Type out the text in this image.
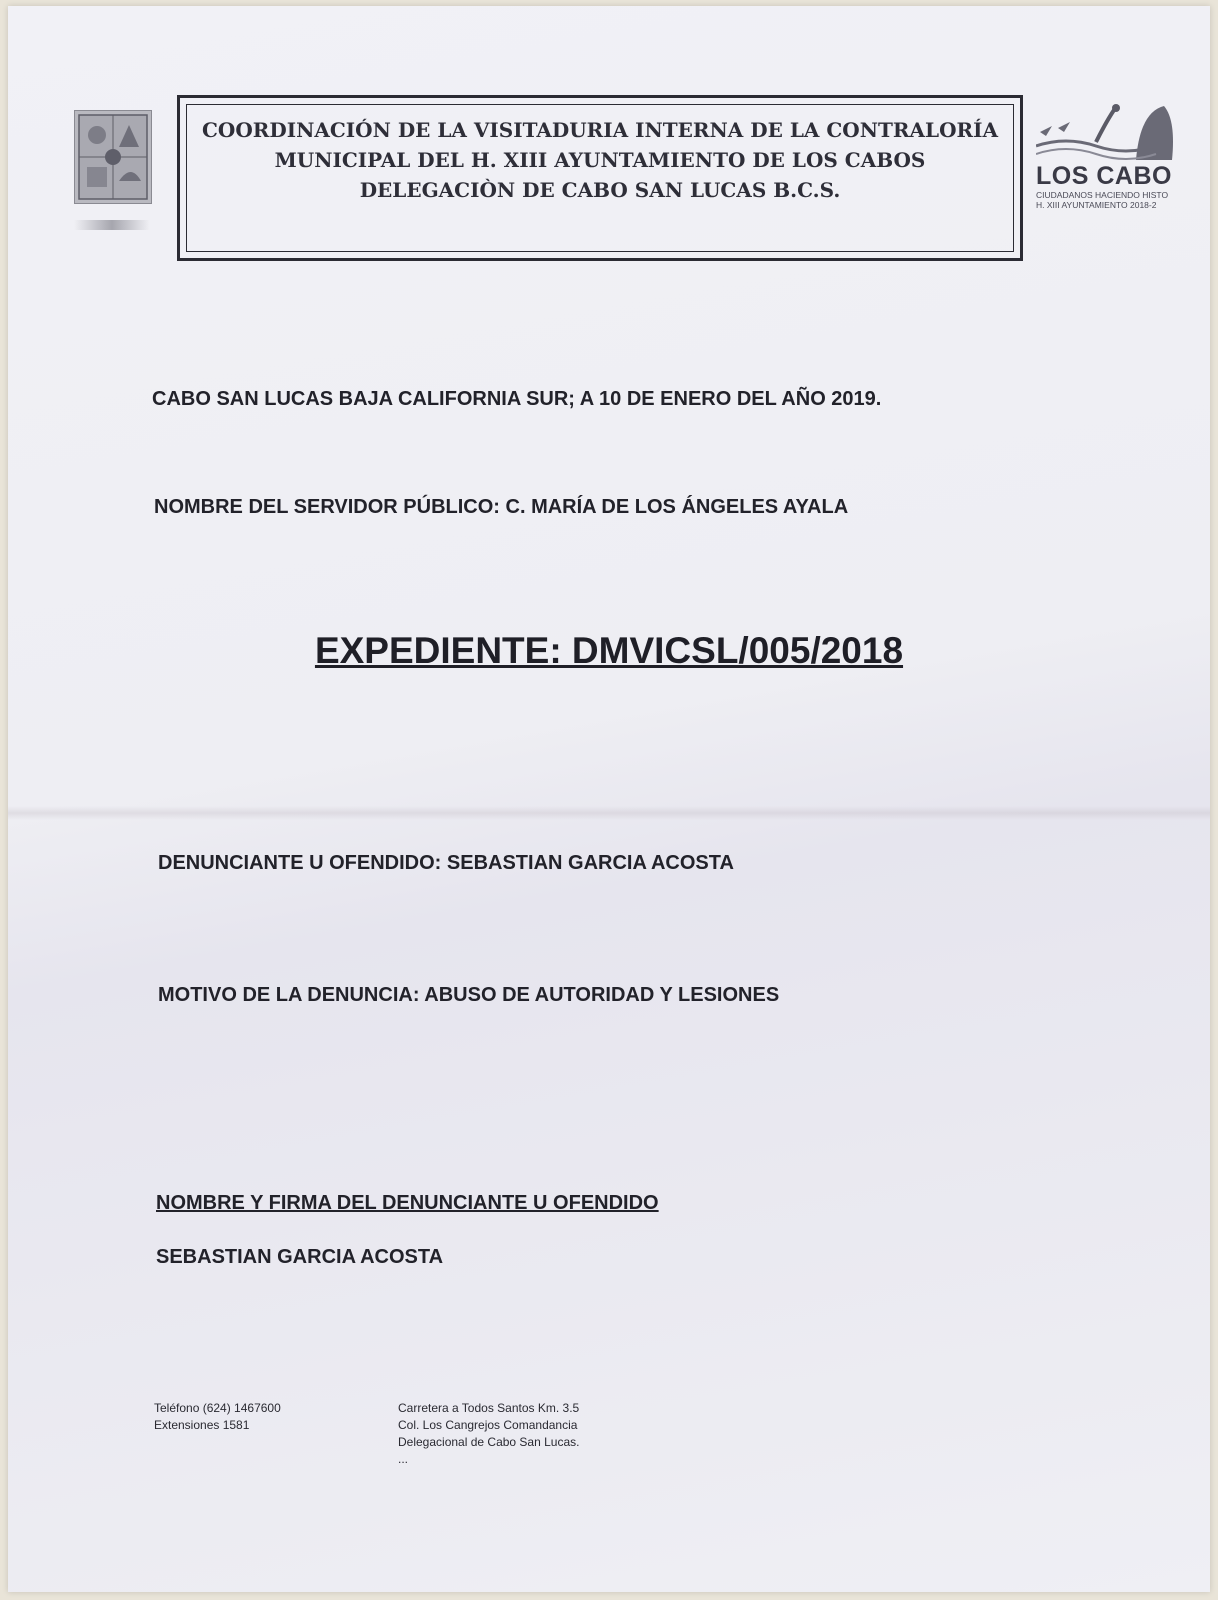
COORDINACIÓN DE LA VISITADURIA INTERNA DE LA CONTRALORÍA
MUNICIPAL DEL H. XIII AYUNTAMIENTO DE LOS CABOS
DELEGACIÒN DE CABO SAN LUCAS B.C.S.	LOS CABO
CIUDADANOS HACIENDO HISTO
H. XIII AYUNTAMIENTO 2018-2
CABO SAN LUCAS BAJA CALIFORNIA SUR; A 10 DE ENERO DEL AÑO 2019.
NOMBRE DEL SERVIDOR PÚBLICO: C. MARÍA DE LOS ÁNGELES AYALA
EXPEDIENTE: DMVICSL/005/2018
DENUNCIANTE U OFENDIDO: SEBASTIAN GARCIA ACOSTA
MOTIVO DE LA DENUNCIA: ABUSO DE AUTORIDAD Y LESIONES
NOMBRE Y FIRMA DEL DENUNCIANTE U OFENDIDO
SEBASTIAN GARCIA ACOSTA
Teléfono (624) 1467600
Extensiones 1581
Carretera a Todos Santos Km. 3.5
Col. Los Cangrejos Comandancia
Delegacional de Cabo San Lucas.
...
